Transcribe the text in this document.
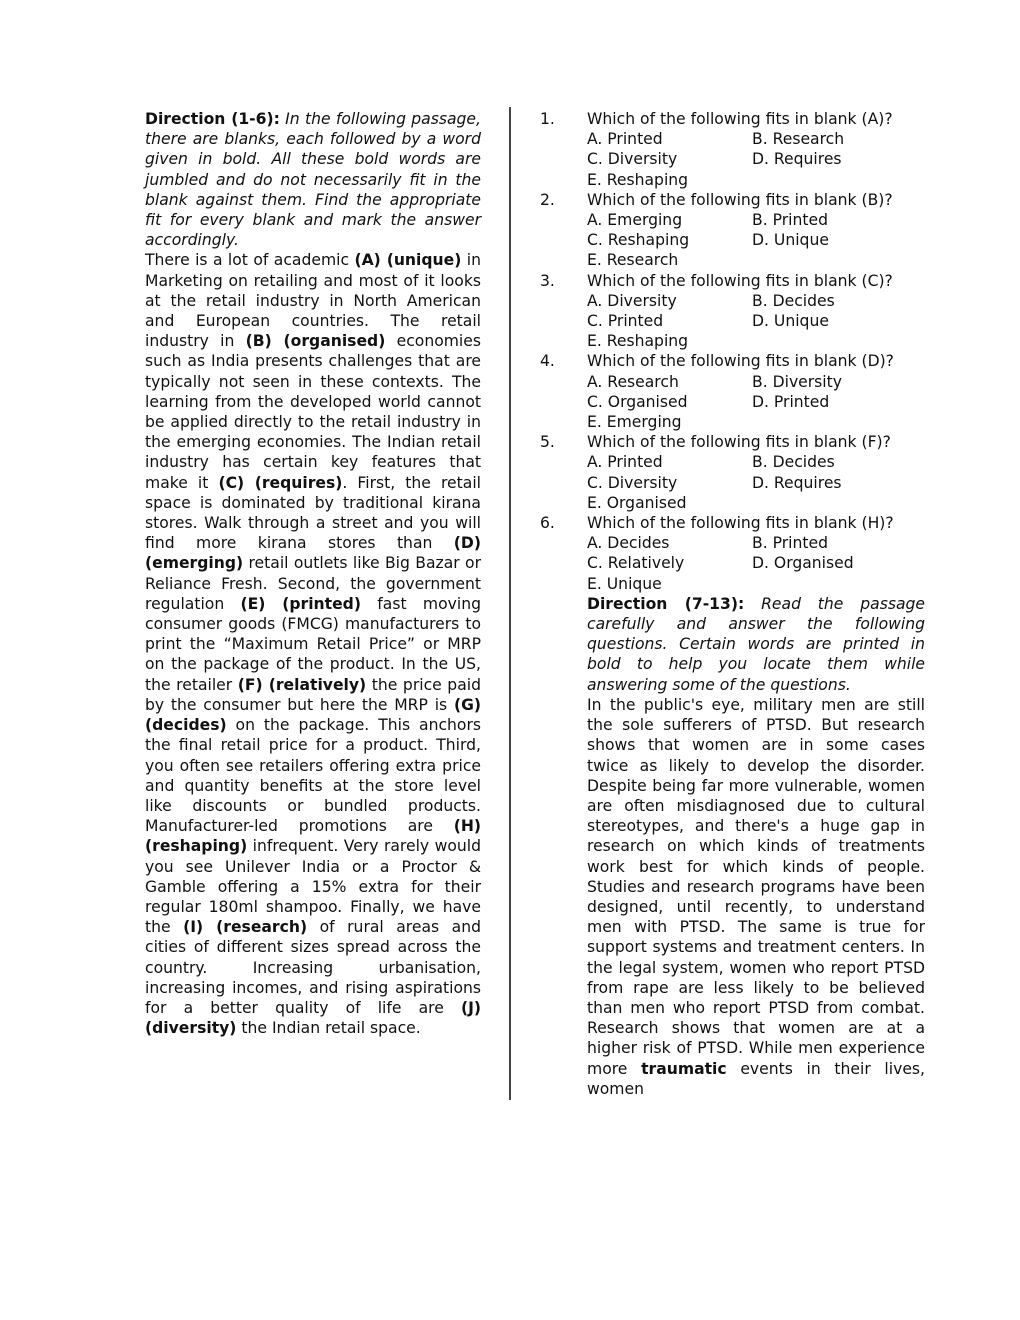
Direction (1-6): In the following passage, there are blanks, each followed by a word given in bold. All these bold words are jumbled and do not necessarily fit in the blank against them. Find the appropriate fit for every blank and mark the answer accordingly.

There is a lot of academic (A) (unique) in Marketing on retailing and most of it looks at the retail industry in North American and European countries. The retail industry in (B) (organised) economies such as India presents challenges that are typically not seen in these contexts. The learning from the developed world cannot be applied directly to the retail industry in the emerging economies. The Indian retail industry has certain key features that make it (C) (requires). First, the retail space is dominated by traditional kirana stores. Walk through a street and you will find more kirana stores than (D) (emerging) retail outlets like Big Bazar or Reliance Fresh. Second, the government regulation (E) (printed) fast moving consumer goods (FMCG) manufacturers to print the “Maximum Retail Price” or MRP on the package of the product. In the US, the retailer (F) (relatively) the price paid by the consumer but here the MRP is (G) (decides) on the package. This anchors the final retail price for a product. Third, you often see retailers offering extra price and quantity benefits at the store level like discounts or bundled products. Manufacturer-led promotions are (H) (reshaping) infrequent. Very rarely would you see Unilever India or a Proctor & Gamble offering a 15% extra for their regular 180ml shampoo. Finally, we have the (I) (research) of rural areas and cities of different sizes spread across the country. Increasing urbanisation, increasing incomes, and rising aspirations for a better quality of life are (J) (diversity) the Indian retail space.

1.	Which of the following fits in blank (A)?
A. Printed	B. Research
C. Diversity	D. Requires
E. Reshaping
2.	Which of the following fits in blank (B)?
A. Emerging	B. Printed
C. Reshaping	D. Unique
E. Research
3.	Which of the following fits in blank (C)?
A. Diversity	B. Decides
C. Printed	D. Unique
E. Reshaping
4.	Which of the following fits in blank (D)?
A. Research	B. Diversity
C. Organised	D. Printed
E. Emerging
5.	Which of the following fits in blank (F)?
A. Printed	B. Decides
C. Diversity	D. Requires
E. Organised
6.	Which of the following fits in blank (H)?
A. Decides	B. Printed
C. Relatively	D. Organised
E. Unique

Direction (7-13): Read the passage carefully and answer the following questions. Certain words are printed in bold to help you locate them while answering some of the questions.

In the public's eye, military men are still the sole sufferers of PTSD. But research shows that women are in some cases twice as likely to develop the disorder. Despite being far more vulnerable, women are often misdiagnosed due to cultural stereotypes, and there's a huge gap in research on which kinds of treatments work best for which kinds of people. Studies and research programs have been designed, until recently, to understand men with PTSD. The same is true for support systems and treatment centers. In the legal system, women who report PTSD from rape are less likely to be believed than men who report PTSD from combat. Research shows that women are at a higher risk of PTSD. While men experience more traumatic events in their lives, women
